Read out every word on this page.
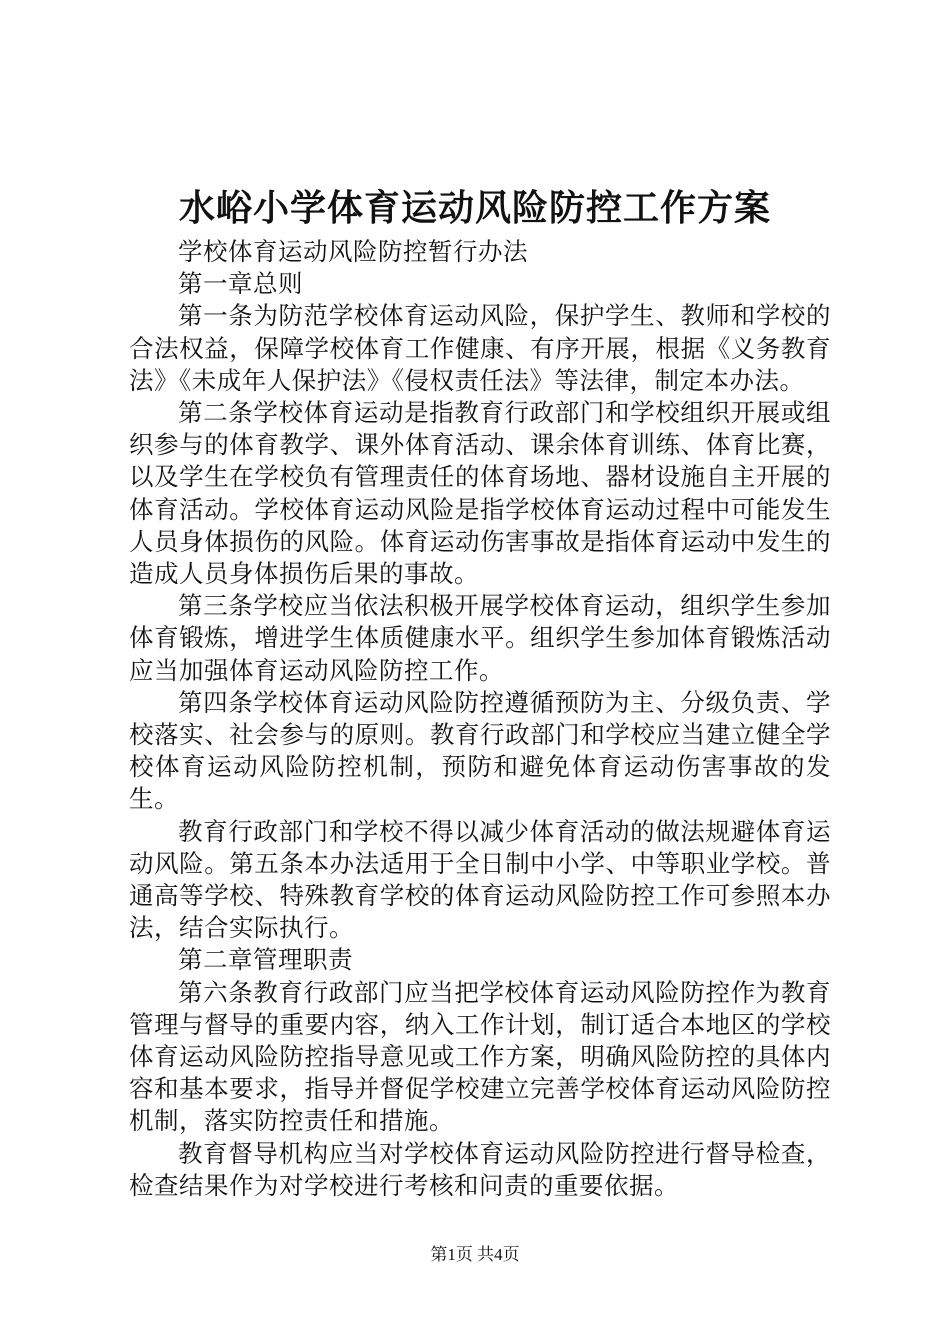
水峪小学体育运动风险防控工作方案

学校体育运动风险防控暂行办法

第一章总则

第一条为防范学校体育运动风险，保护学生、教师和学校的合法权益，保障学校体育工作健康、有序开展，根据《义务教育法》《未成年人保护法》《侵权责任法》等法律，制定本办法。

第二条学校体育运动是指教育行政部门和学校组织开展或组织参与的体育教学、课外体育活动、课余体育训练、体育比赛，以及学生在学校负有管理责任的体育场地、器材设施自主开展的体育活动。学校体育运动风险是指学校体育运动过程中可能发生人员身体损伤的风险。体育运动伤害事故是指体育运动中发生的造成人员身体损伤后果的事故。

第三条学校应当依法积极开展学校体育运动，组织学生参加体育锻炼，增进学生体质健康水平。组织学生参加体育锻炼活动应当加强体育运动风险防控工作。

第四条学校体育运动风险防控遵循预防为主、分级负责、学校落实、社会参与的原则。教育行政部门和学校应当建立健全学校体育运动风险防控机制，预防和避免体育运动伤害事故的发生。

教育行政部门和学校不得以减少体育活动的做法规避体育运动风险。第五条本办法适用于全日制中小学、中等职业学校。普通高等学校、特殊教育学校的体育运动风险防控工作可参照本办法，结合实际执行。

第二章管理职责

第六条教育行政部门应当把学校体育运动风险防控作为教育管理与督导的重要内容，纳入工作计划，制订适合本地区的学校体育运动风险防控指导意见或工作方案，明确风险防控的具体内容和基本要求，指导并督促学校建立完善学校体育运动风险防控机制，落实防控责任和措施。

教育督导机构应当对学校体育运动风险防控进行督导检查，检查结果作为对学校进行考核和问责的重要依据。

第1页 共4页
